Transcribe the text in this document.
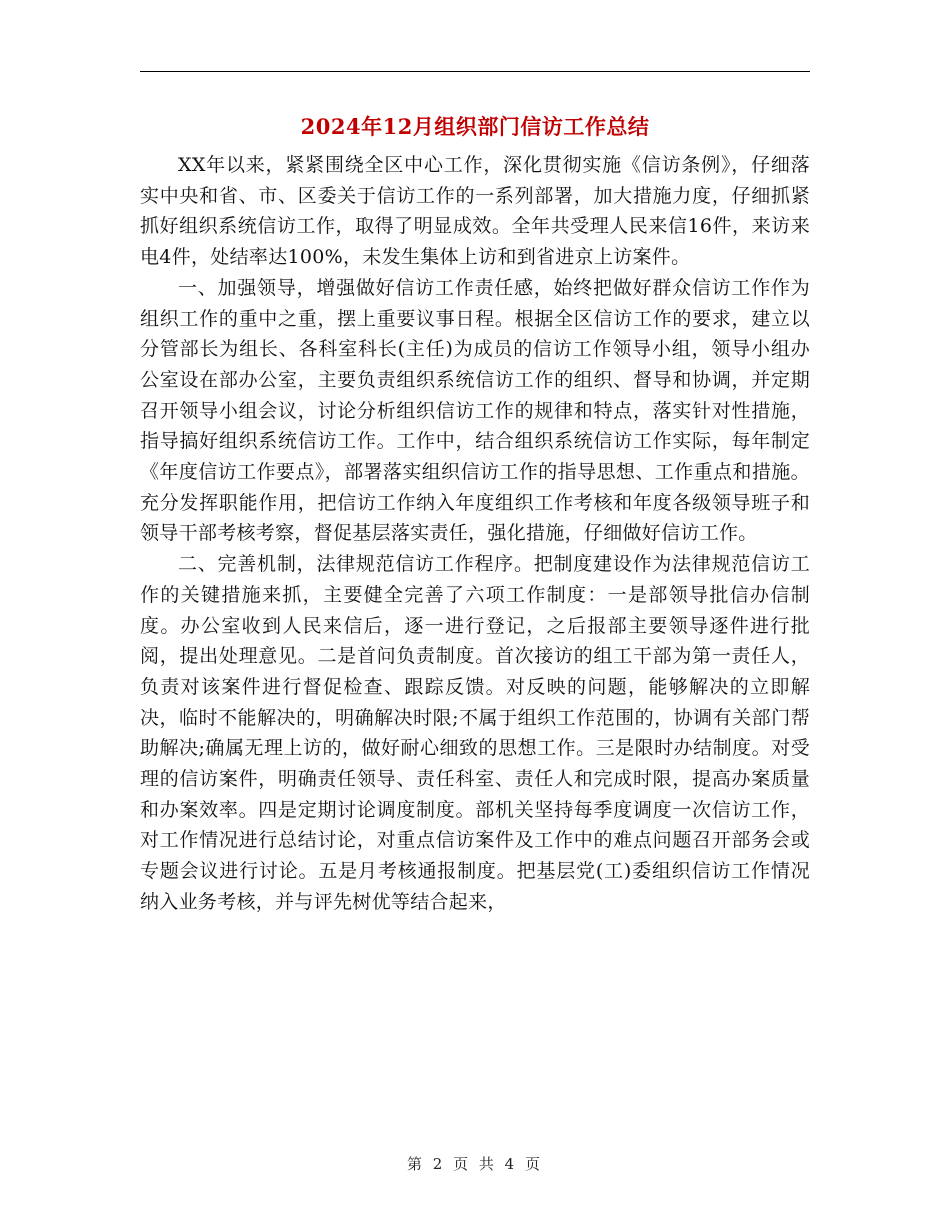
2024年12月组织部门信访工作总结

XX年以来，紧紧围绕全区中心工作，深化贯彻实施《信访条例》，仔细落实中央和省、市、区委关于信访工作的一系列部署，加大措施力度，仔细抓紧抓好组织系统信访工作，取得了明显成效。全年共受理人民来信16件，来访来电4件，处结率达100%，未发生集体上访和到省进京上访案件。

一、加强领导，增强做好信访工作责任感，始终把做好群众信访工作作为组织工作的重中之重，摆上重要议事日程。根据全区信访工作的要求，建立以分管部长为组长、各科室科长(主任)为成员的信访工作领导小组，领导小组办公室设在部办公室，主要负责组织系统信访工作的组织、督导和协调，并定期召开领导小组会议，讨论分析组织信访工作的规律和特点，落实针对性措施，指导搞好组织系统信访工作。工作中，结合组织系统信访工作实际，每年制定《年度信访工作要点》，部署落实组织信访工作的指导思想、工作重点和措施。充分发挥职能作用，把信访工作纳入年度组织工作考核和年度各级领导班子和领导干部考核考察，督促基层落实责任，强化措施，仔细做好信访工作。

二、完善机制，法律规范信访工作程序。把制度建设作为法律规范信访工作的关键措施来抓，主要健全完善了六项工作制度：一是部领导批信办信制度。办公室收到人民来信后，逐一进行登记，之后报部主要领导逐件进行批阅，提出处理意见。二是首问负责制度。首次接访的组工干部为第一责任人，负责对该案件进行督促检查、跟踪反馈。对反映的问题，能够解决的立即解决，临时不能解决的，明确解决时限;不属于组织工作范围的，协调有关部门帮助解决;确属无理上访的，做好耐心细致的思想工作。三是限时办结制度。对受理的信访案件，明确责任领导、责任科室、责任人和完成时限，提高办案质量和办案效率。四是定期讨论调度制度。部机关坚持每季度调度一次信访工作，对工作情况进行总结讨论，对重点信访案件及工作中的难点问题召开部务会或专题会议进行讨论。五是月考核通报制度。把基层党(工)委组织信访工作情况纳入业务考核，并与评先树优等结合起来，

第 2 页 共 4 页
